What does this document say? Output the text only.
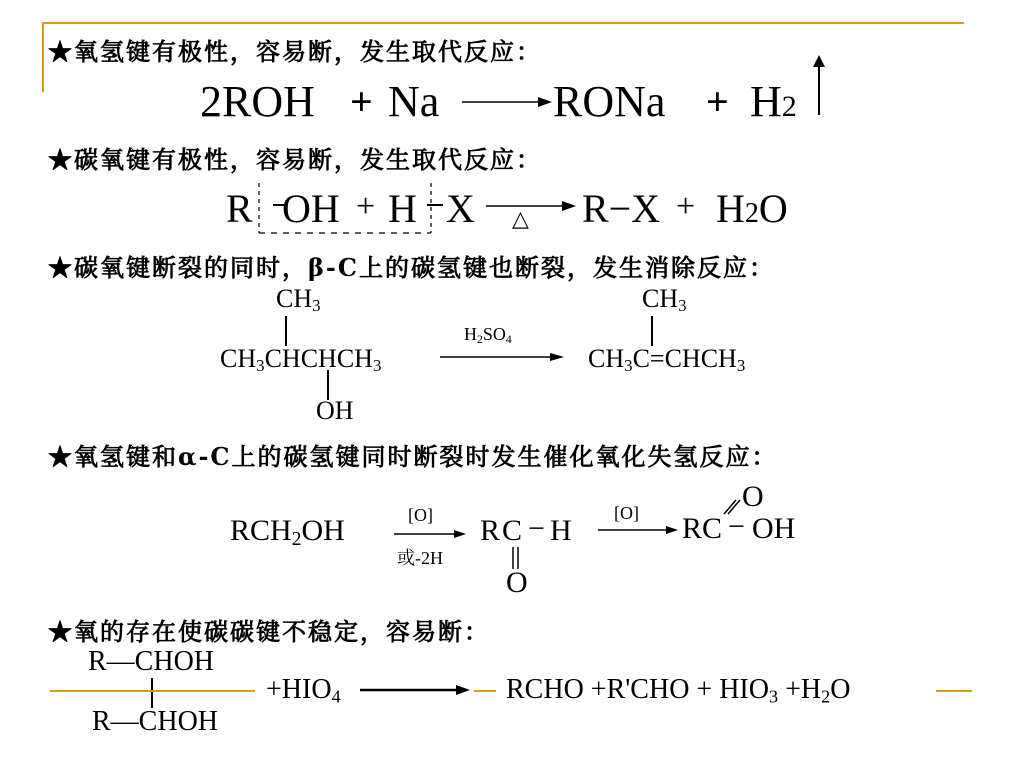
★氧氢键有极性，容易断，发生取代反应：
★碳氧键有极性，容易断，发生取代反应：
★碳氧键断裂的同时，β-C上的碳氢键也断裂，发生消除反应：
★氧氢键和α-C上的碳氢键同时断裂时发生催化氧化失氢反应：
★氧的存在使碳碳键不稳定，容易断：
2ROH + Na	RONa + H2
R OH + H X △ R−X + H2O
$CH_3$
$CH_3CHCHCH_3$
OH
$H_2SO_4$
$CH_3$
$CH_3C=CHCH_3$
$RCH_2OH$	[O]
或-2H
R C − H
O
[O] RC − OH
O
R—CHOH
R—CHOH
$+HIO_4$	RCHO $+R'CHO + HIO_3 +H_2O$
